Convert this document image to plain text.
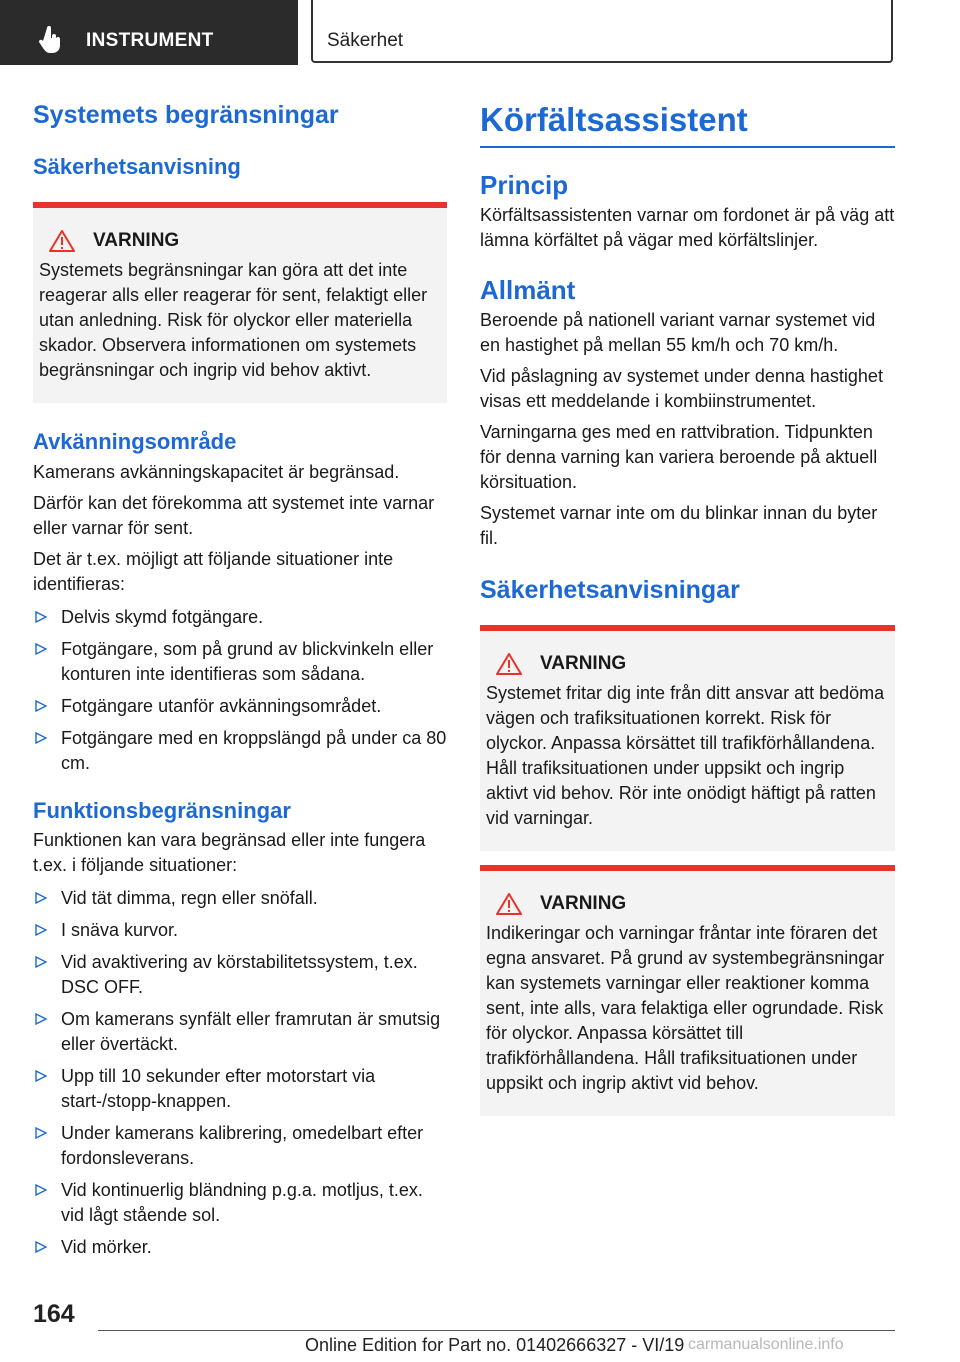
INSTRUMENT	Säkerhet
Systemets begränsningar
Säkerhetsanvisning
VARNING

Systemets begränsningar kan göra att det inte reagerar alls eller reagerar för sent, felaktigt eller utan anledning. Risk för olyckor eller materiella skador. Observera informationen om systemets begränsningar och ingrip vid behov aktivt.

Avkänningsområde

Kamerans avkänningskapacitet är begränsad.

Därför kan det förekomma att systemet inte varnar eller varnar för sent.

Det är t.ex. möjligt att följande situationer inte identifieras:

Delvis skymd fotgängare.
Fotgängare, som på grund av blickvinkeln eller konturen inte identifieras som sådana.
Fotgängare utanför avkänningsområdet.
Fotgängare med en kroppslängd på under ca 80 cm.
Funktionsbegränsningar

Funktionen kan vara begränsad eller inte fungera t.ex. i följande situationer:

Vid tät dimma, regn eller snöfall.
I snäva kurvor.
Vid avaktivering av körstabilitetssystem, t.ex. DSC OFF.
Om kamerans synfält eller framrutan är smutsig eller övertäckt.
Upp till 10 sekunder efter motorstart via start-/stopp-knappen.
Under kamerans kalibrering, omedelbart efter fordonsleverans.
Vid kontinuerlig bländning p.g.a. motljus, t.ex. vid lågt stående sol.
Vid mörker.
Körfältsassistent
Princip

Körfältsassistenten varnar om fordonet är på väg att lämna körfältet på vägar med körfältslinjer.

Allmänt

Beroende på nationell variant varnar systemet vid en hastighet på mellan 55 km/h och 70 km/h.

Vid påslagning av systemet under denna hastighet visas ett meddelande i kombiinstrumentet.

Varningarna ges med en rattvibration. Tidpunkten för denna varning kan variera beroende på aktuell körsituation.

Systemet varnar inte om du blinkar innan du byter fil.

Säkerhetsanvisningar
VARNING

Systemet fritar dig inte från ditt ansvar att bedöma vägen och trafiksituationen korrekt. Risk för olyckor. Anpassa körsättet till trafikförhållandena. Håll trafiksituationen under uppsikt och ingrip aktivt vid behov. Rör inte onödigt häftigt på ratten vid varningar.

VARNING

Indikeringar och varningar fråntar inte föraren det egna ansvaret. På grund av systembegränsningar kan systemets varningar eller reaktioner komma sent, inte alls, vara felaktiga eller ogrundade. Risk för olyckor. Anpassa körsättet till trafikförhållandena. Håll trafiksituationen under uppsikt och ingrip aktivt vid behov.

164
Online Edition for Part no. 01402666327 - VI/19 carmanualsonline.info
